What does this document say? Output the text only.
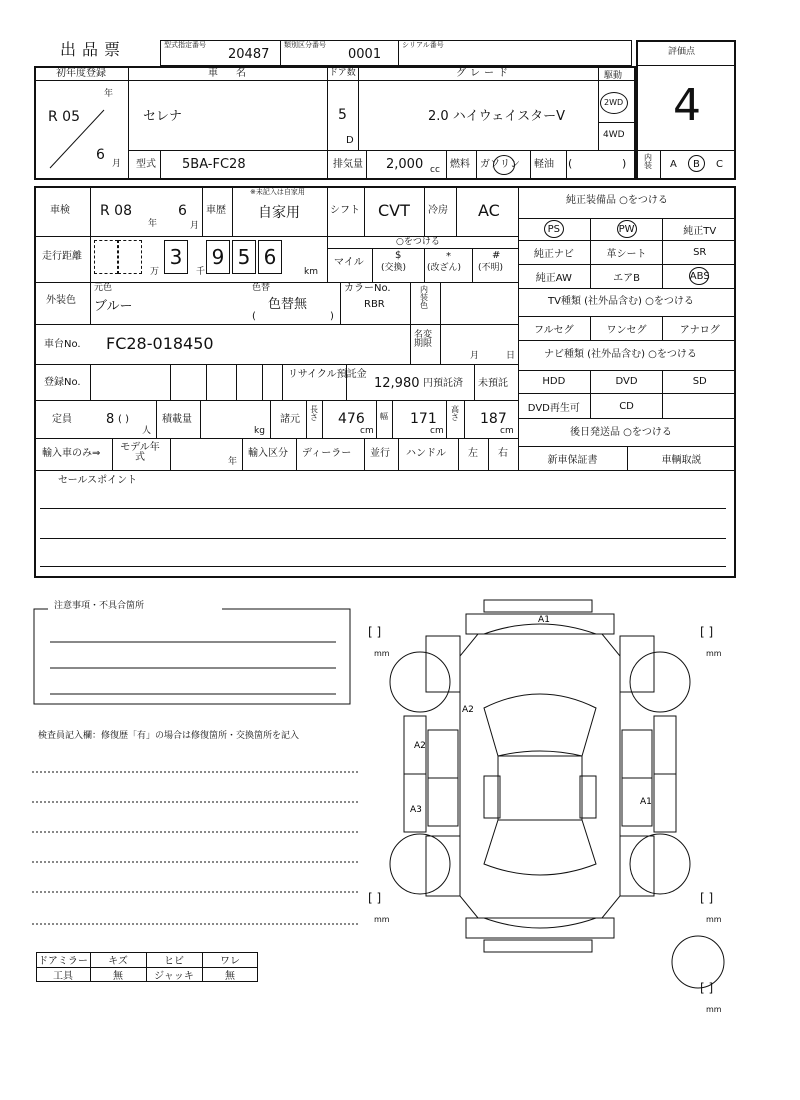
出品票	型式指定番号
20487
類別区分番号
0001
シリアル番号
評価点
4
初年度登録
R 05
年
6
月
車　名
セレナ
ドア数
5
D
グレード
2.0 ハイウェイスターV
駆動
2WD
4WD
型式 5BA-FC28	排気量 2,000 cc 燃料 ガソリン 軽油 (	) 内装 A B C
車検 R 08
年
6
月
車歴
※未記入は自家用
自家用	シフト CVT 冷房 AC
走行距離	3 9 5 6
万	千	km
○をつける
マイル
$
(交換)
*
(改ざん)
#
(不明)
外装色
元色
ブルー
色替
色替無
(	)
カラーNo.
RBR
内装色
車台No. FC28-018450	名変期限
月	日
登録No.
リサイクル預託金
12,980 円預託済 未預託
定員	8 ( )
人
積載量
kg
諸元
長さ 476
cm
幅 171
cm
高さ 187
cm
輸入車のみ⇒
モデル年式	年
輸入区分 ディーラー 並行 ハンドル 左 右
純正装備品 ○をつける
PS	PW	純正TV
純正ナビ	革シート	SR
純正AW	エアB	ABS
TV種類 (社外品含む) ○をつける
フルセグ	ワンセグ	アナログ
ナビ種類 (社外品含む) ○をつける
HDD	DVD	SD
DVD再生可	CD
後日発送品 ○をつける
新車保証書	車輌取説
セールスポイント
注意事項・不具合箇所
検査員記入欄：修復歴「有」の場合は修復箇所・交換箇所を記入
ドアミラー	キズ	ヒビ	ワレ
工具	無	ジャッキ	無
A1
A2
A2
A3
A1
[ ]
mm
[ ]
mm
[ ]
mm
[ ]
mm
[ ]
mm
